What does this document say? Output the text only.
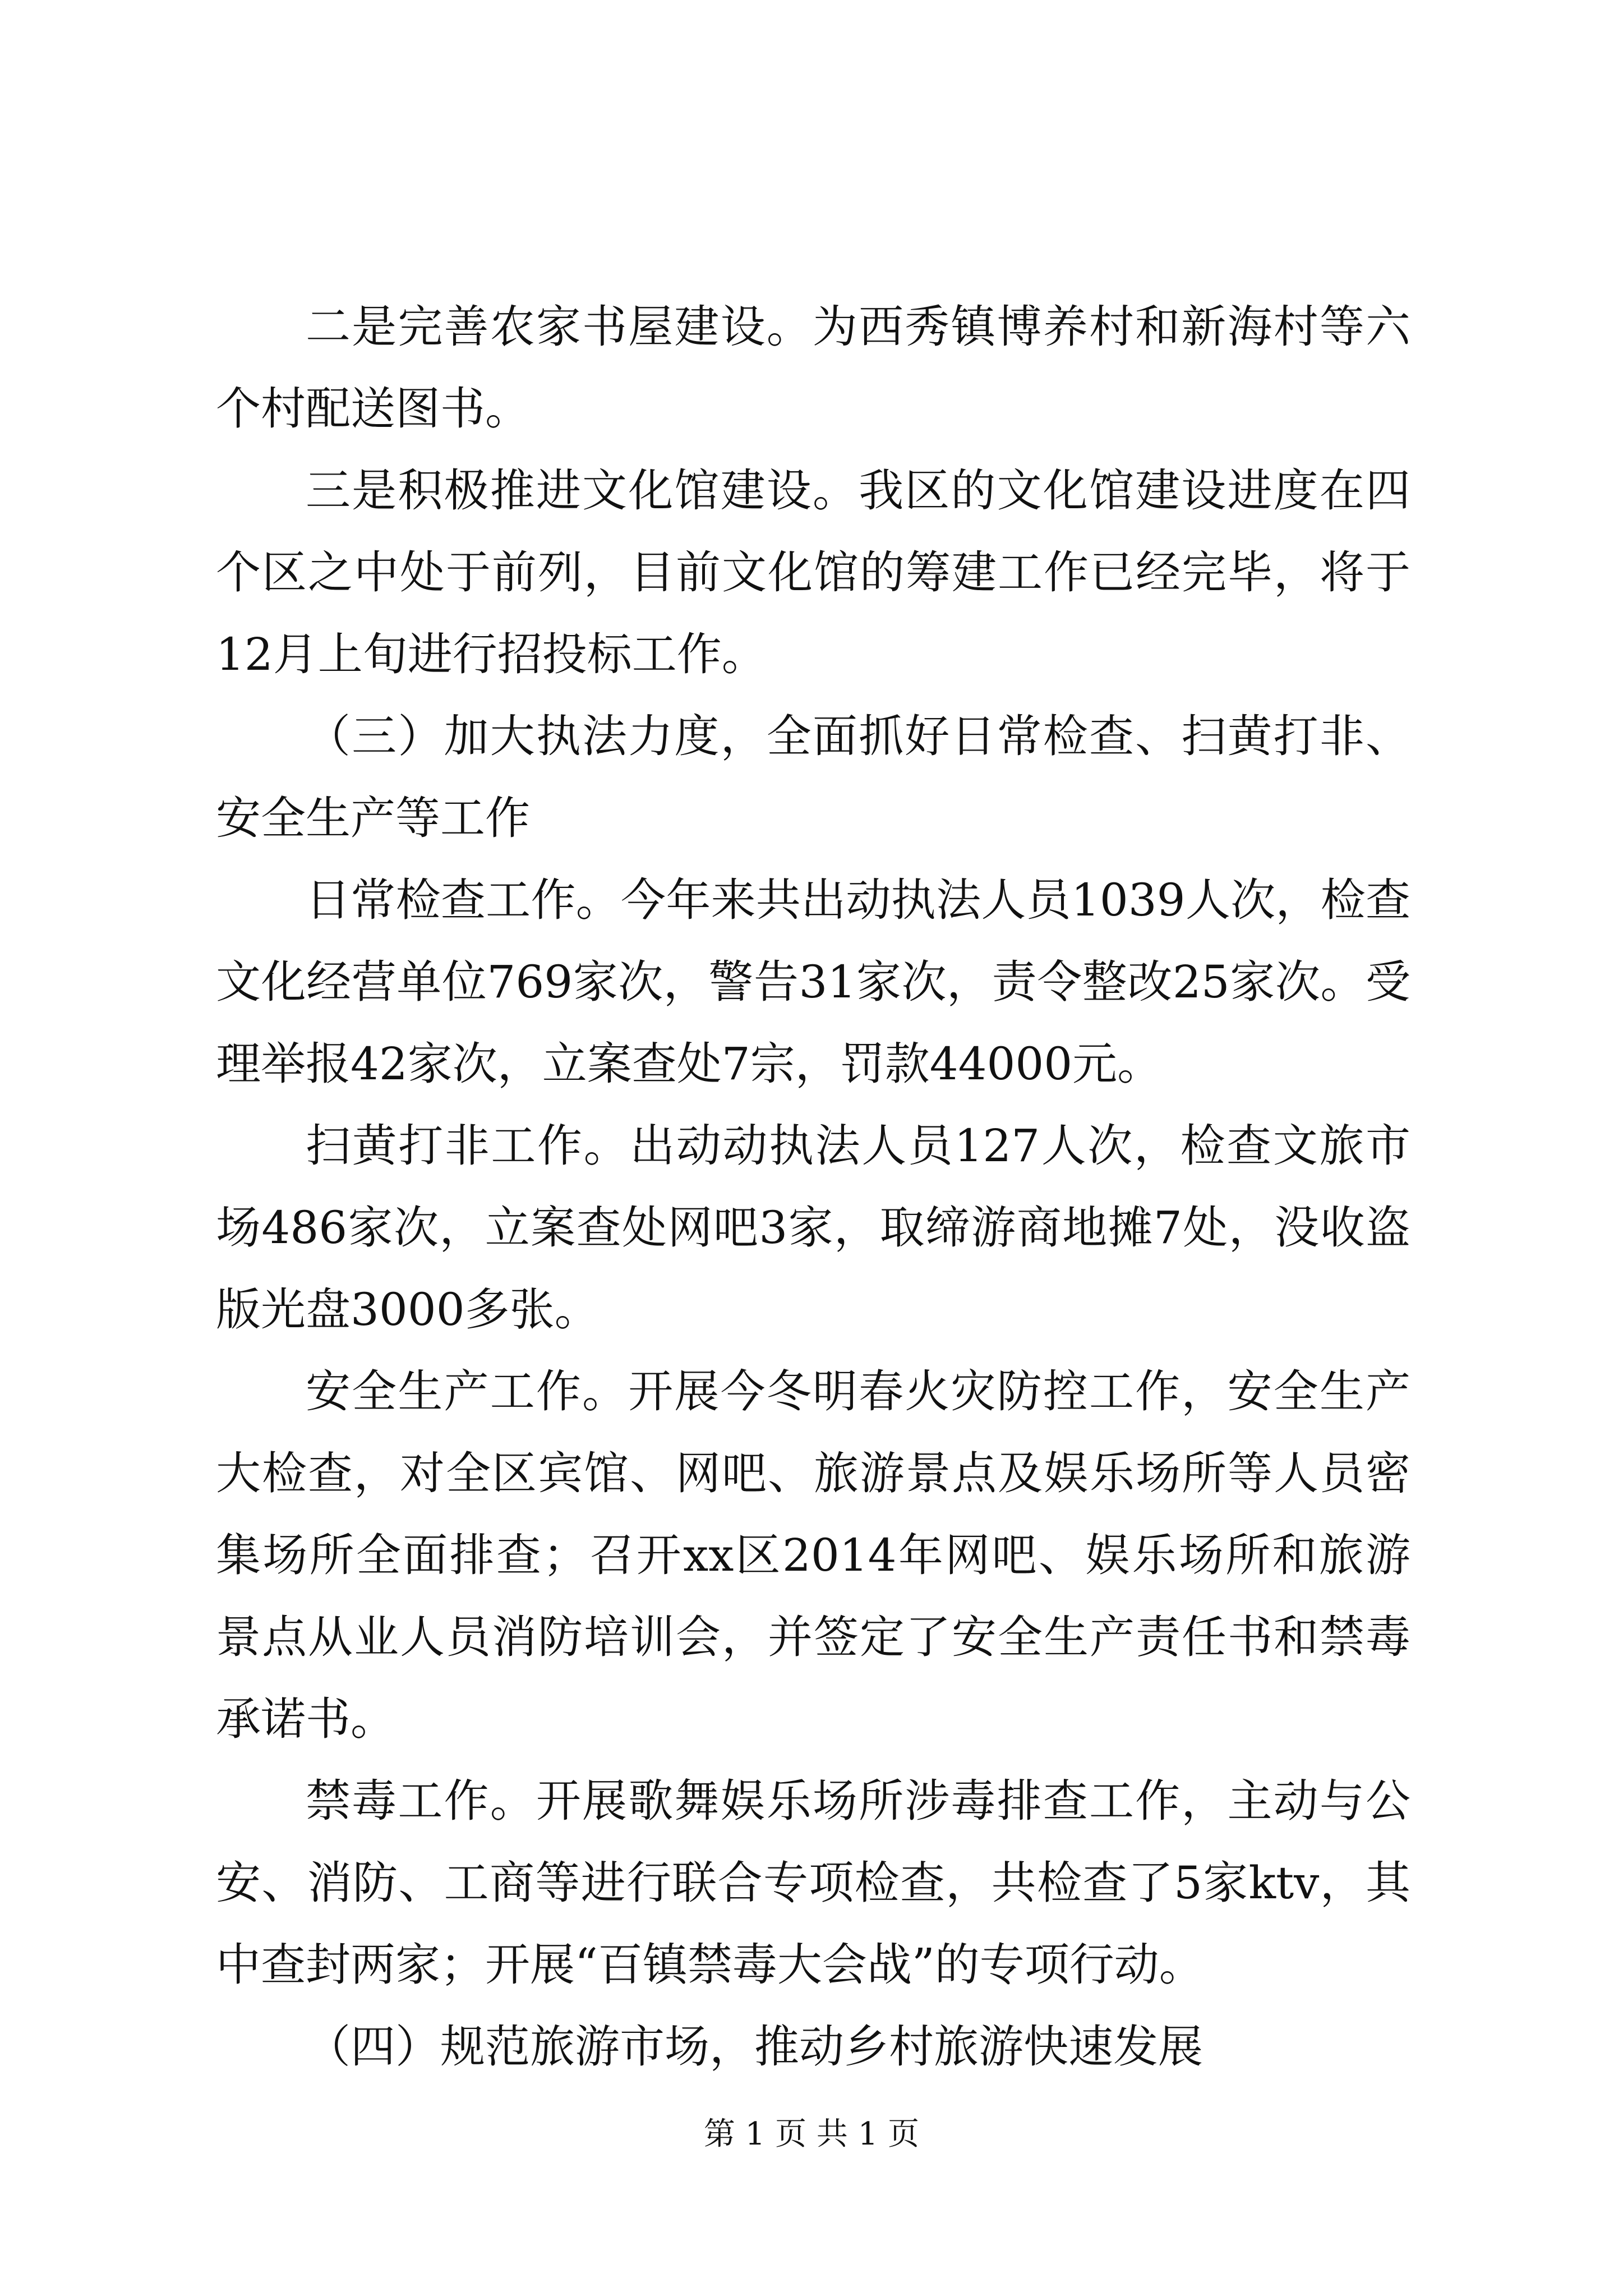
二是完善农家书屋建设。为西秀镇博养村和新海村等六个村配送图书。

三是积极推进文化馆建设。我区的文化馆建设进度在四个区之中处于前列，目前文化馆的筹建工作已经完毕，将于12月上旬进行招投标工作。

（三）加大执法力度，全面抓好日常检查、扫黄打非、安全生产等工作

日常检查工作。今年来共出动执法人员1039人次，检查文化经营单位769家次，警告31家次，责令整改25家次。受理举报42家次，立案查处7宗，罚款44000元。

扫黄打非工作。出动动执法人员127人次，检查文旅市场486家次，立案查处网吧3家，取缔游商地摊7处，没收盗版光盘3000多张。

安全生产工作。开展今冬明春火灾防控工作，安全生产大检查，对全区宾馆、网吧、旅游景点及娱乐场所等人员密集场所全面排查；召开xx区2014年网吧、娱乐场所和旅游景点从业人员消防培训会，并签定了安全生产责任书和禁毒承诺书。

禁毒工作。开展歌舞娱乐场所涉毒排查工作，主动与公安、消防、工商等进行联合专项检查，共检查了5家ktv，其中查封两家；开展“百镇禁毒大会战”的专项行动。

（四）规范旅游市场，推动乡村旅游快速发展

第 1 页 共 1 页
